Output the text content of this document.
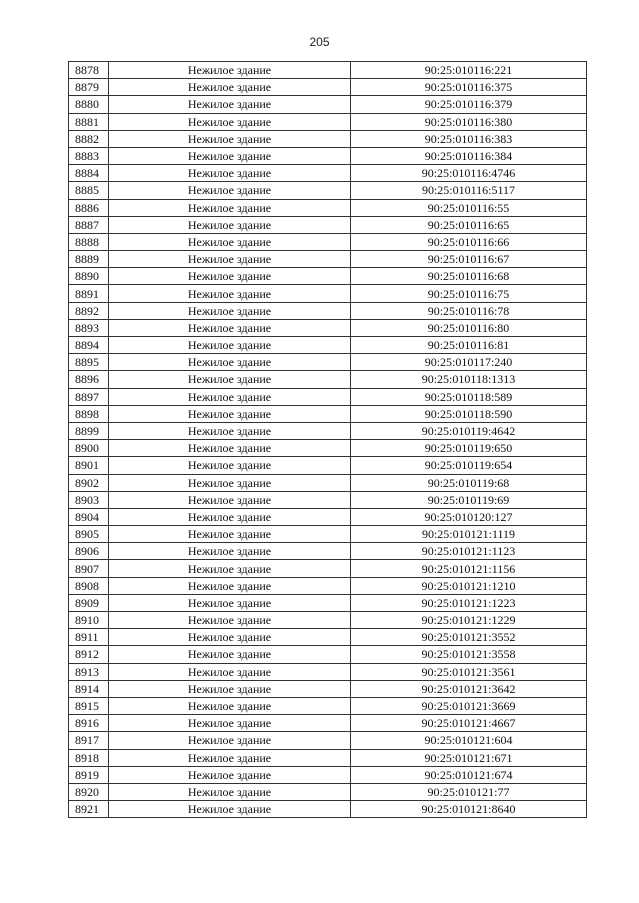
205
8878	Нежилое здание	90:25:010116:221
8879	Нежилое здание	90:25:010116:375
8880	Нежилое здание	90:25:010116:379
8881	Нежилое здание	90:25:010116:380
8882	Нежилое здание	90:25:010116:383
8883	Нежилое здание	90:25:010116:384
8884	Нежилое здание	90:25:010116:4746
8885	Нежилое здание	90:25:010116:5117
8886	Нежилое здание	90:25:010116:55
8887	Нежилое здание	90:25:010116:65
8888	Нежилое здание	90:25:010116:66
8889	Нежилое здание	90:25:010116:67
8890	Нежилое здание	90:25:010116:68
8891	Нежилое здание	90:25:010116:75
8892	Нежилое здание	90:25:010116:78
8893	Нежилое здание	90:25:010116:80
8894	Нежилое здание	90:25:010116:81
8895	Нежилое здание	90:25:010117:240
8896	Нежилое здание	90:25:010118:1313
8897	Нежилое здание	90:25:010118:589
8898	Нежилое здание	90:25:010118:590
8899	Нежилое здание	90:25:010119:4642
8900	Нежилое здание	90:25:010119:650
8901	Нежилое здание	90:25:010119:654
8902	Нежилое здание	90:25:010119:68
8903	Нежилое здание	90:25:010119:69
8904	Нежилое здание	90:25:010120:127
8905	Нежилое здание	90:25:010121:1119
8906	Нежилое здание	90:25:010121:1123
8907	Нежилое здание	90:25:010121:1156
8908	Нежилое здание	90:25:010121:1210
8909	Нежилое здание	90:25:010121:1223
8910	Нежилое здание	90:25:010121:1229
8911	Нежилое здание	90:25:010121:3552
8912	Нежилое здание	90:25:010121:3558
8913	Нежилое здание	90:25:010121:3561
8914	Нежилое здание	90:25:010121:3642
8915	Нежилое здание	90:25:010121:3669
8916	Нежилое здание	90:25:010121:4667
8917	Нежилое здание	90:25:010121:604
8918	Нежилое здание	90:25:010121:671
8919	Нежилое здание	90:25:010121:674
8920	Нежилое здание	90:25:010121:77
8921	Нежилое здание	90:25:010121:8640
